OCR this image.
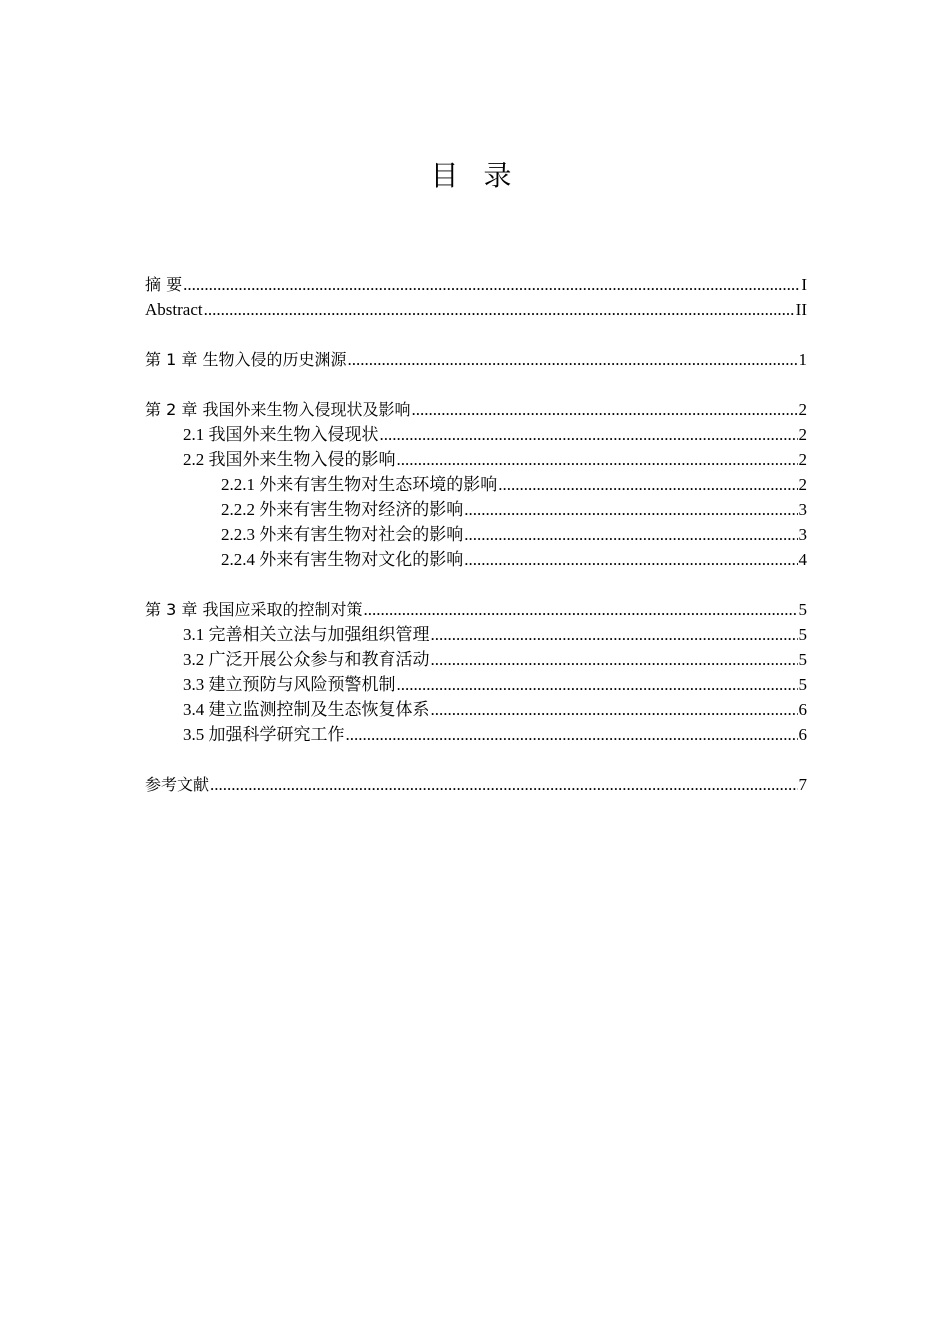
目 录
摘 要 .....	I
Abstract .....	II
第 1 章 生物入侵的历史渊源 .....	1
第 2 章 我国外来生物入侵现状及影响 .....	2
2.1 我国外来生物入侵现状 .....	2
2.2 我国外来生物入侵的影响 .....	2
2.2.1 外来有害生物对生态环境的影响 .....	2
2.2.2 外来有害生物对经济的影响 .....	3
2.2.3 外来有害生物对社会的影响 .....	3
2.2.4 外来有害生物对文化的影响 .....	4
第 3 章 我国应采取的控制对策 .....	5
3.1 完善相关立法与加强组织管理 .....	5
3.2 广泛开展公众参与和教育活动 .....	5
3.3 建立预防与风险预警机制 .....	5
3.4 建立监测控制及生态恢复体系 .....	6
3.5 加强科学研究工作 .....	6
参考文献 .....	7
